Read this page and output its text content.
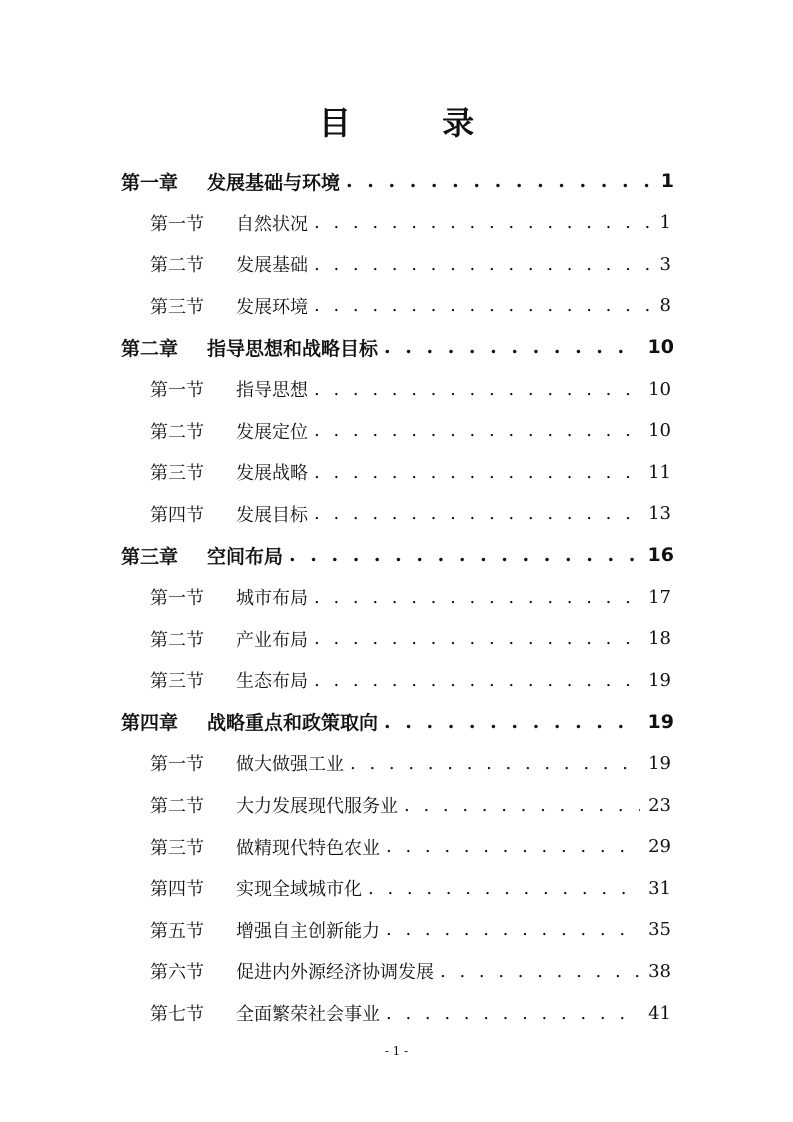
目 录
第一章	发展基础与环境 . . .	1
第一节	自然状况 . . .	1
第二节	发展基础 . . .	3
第三节	发展环境 . . .	8
第二章	指导思想和战略目标 . . .	10
第一节	指导思想 . . .	10
第二节	发展定位 . . .	10
第三节	发展战略 . . .	11
第四节	发展目标 . . .	13
第三章	空间布局 . . .	16
第一节	城市布局 . . .	17
第二节	产业布局 . . .	18
第三节	生态布局 . . .	19
第四章	战略重点和政策取向 . . .	19
第一节	做大做强工业 . . .	19
第二节	大力发展现代服务业 . . .	23
第三节	做精现代特色农业 . . .	29
第四节	实现全域城市化 . . .	31
第五节	增强自主创新能力 . . .	35
第六节	促进内外源经济协调发展 . . .	38
第七节	全面繁荣社会事业 . . .	41
- 1 -
